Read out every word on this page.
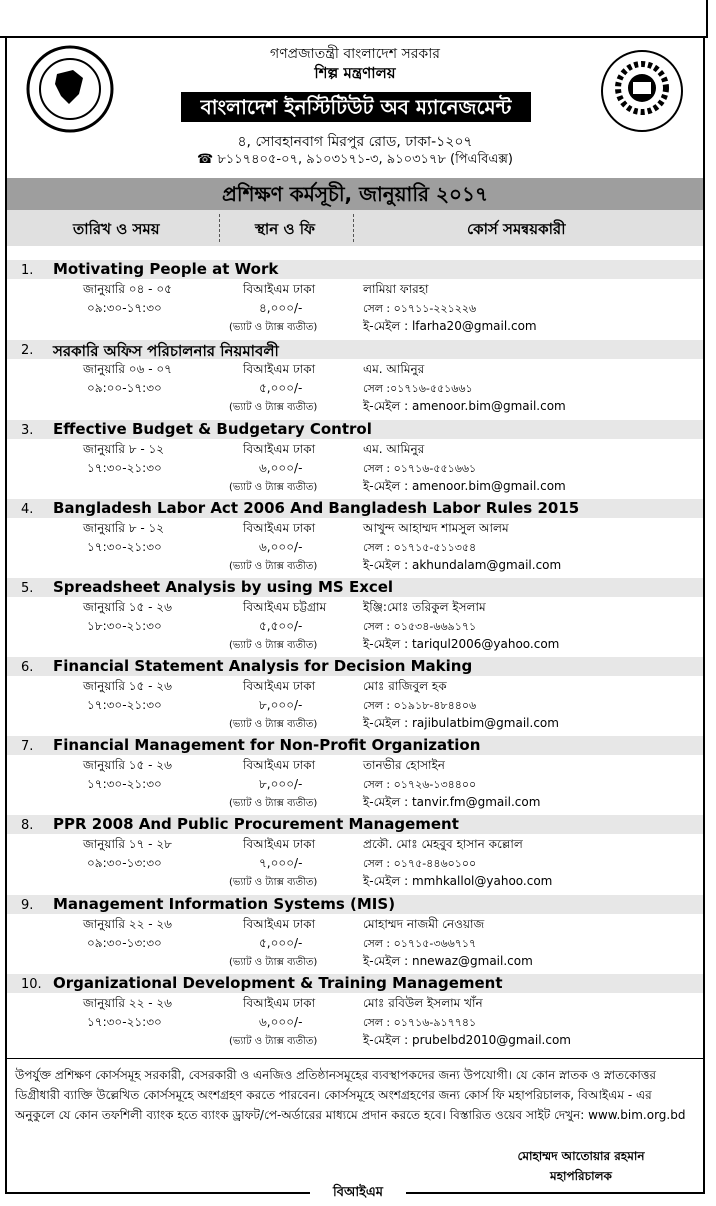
গণপ্রজাতন্ত্রী বাংলাদেশ সরকার
শিল্প মন্ত্রণালয়
বাংলাদেশ ইনস্টিটিউট অব ম্যানেজমেন্ট
৪, সোবহানবাগ মিরপুর রোড, ঢাকা-১২০৭
☎ ৮১১৭৪০৫-০৭, ৯১০৩১৭১-৩, ৯১০৩১৭৮ (পিএবিএক্স)
প্রশিক্ষণ কর্মসূচী, জানুয়ারি ২০১৭
তারিখ ও সময়	স্থান ও ফি	কোর্স সমন্বয়কারী
1. Motivating People at Work
জানুয়ারি ০৪ - ০৫
০৯:৩০-১৭:৩০
বিআইএম ঢাকা
৪,০০০/-
(ভ্যাট ও ট্যাক্স ব্যতীত)
লামিয়া ফারহা
সেল : ০১৭১১-২২১২২৬
ই-মেইল : lfarha20@gmail.com
2. সরকারি অফিস পরিচালনার নিয়মাবলী
জানুয়ারি ০৬ - ০৭
০৯:০০-১৭:৩০
বিআইএম ঢাকা
৫,০০০/-
(ভ্যাট ও ট্যাক্স ব্যতীত)
এম. আমিনুর
সেল :০১৭১৬-৫৫১৬৬১
ই-মেইল : amenoor.bim@gmail.com
3. Effective Budget & Budgetary Control
জানুয়ারি ৮ - ১২
১৭:৩০-২১:৩০
বিআইএম ঢাকা
৬,০০০/-
(ভ্যাট ও ট্যাক্স ব্যতীত)
এম. আমিনুর
সেল : ০১৭১৬-৫৫১৬৬১
ই-মেইল : amenoor.bim@gmail.com
4. Bangladesh Labor Act 2006 And Bangladesh Labor Rules 2015
জানুয়ারি ৮ - ১২
১৭:৩০-২১:৩০
বিআইএম ঢাকা
৬,০০০/-
(ভ্যাট ও ট্যাক্স ব্যতীত)
আখুন্দ আহাম্মদ শামসুল আলম
সেল : ০১৭১৫-৫১১৩৫৪
ই-মেইল : akhundalam@gmail.com
5. Spreadsheet Analysis by using MS Excel
জানুয়ারি ১৫ - ২৬
১৮:৩০-২১:৩০
বিআইএম চট্টগ্রাম
৫,৫০০/-
(ভ্যাট ও ট্যাক্স ব্যতীত)
ইঞ্জি:মোঃ তরিকুল ইসলাম
সেল : ০১৫৩৪-৬৬৯১৭১
ই-মেইল : tariqul2006@yahoo.com
6. Financial Statement Analysis for Decision Making
জানুয়ারি ১৫ - ২৬
১৭:৩০-২১:৩০
বিআইএম ঢাকা
৮,০০০/-
(ভ্যাট ও ট্যাক্স ব্যতীত)
মোঃ রাজিবুল হক
সেল : ০১৯১৮-৪৮৪৪০৬
ই-মেইল : rajibulatbim@gmail.com
7. Financial Management for Non-Profit Organization
জানুয়ারি ১৫ - ২৬
১৭:৩০-২১:৩০
বিআইএম ঢাকা
৮,০০০/-
(ভ্যাট ও ট্যাক্স ব্যতীত)
তানভীর হোসাইন
সেল : ০১৭২৬-১৩৪৪০০
ই-মেইল : tanvir.fm@gmail.com
8. PPR 2008 And Public Procurement Management
জানুয়ারি ১৭ - ২৮
০৯:৩০-১৩:৩০
বিআইএম ঢাকা
৭,০০০/-
(ভ্যাট ও ট্যাক্স ব্যতীত)
প্রকৌ. মোঃ মেহবুব হাসান কল্লোল
সেল : ০১৭৫-৪৪৬০১০০
ই-মেইল : mmhkallol@yahoo.com
9. Management Information Systems (MIS)
জানুয়ারি ২২ - ২৬
০৯:৩০-১৩:৩০
বিআইএম ঢাকা
৫,০০০/-
(ভ্যাট ও ট্যাক্স ব্যতীত)
মোহাম্মদ নাজমী নেওয়াজ
সেল : ০১৭১৫-৩৬৬৭১৭
ই-মেইল : nnewaz@gmail.com
10. Organizational Development & Training Management
জানুয়ারি ২২ - ২৬
১৭:৩০-২১:৩০
বিআইএম ঢাকা
৬,০০০/-
(ভ্যাট ও ট্যাক্স ব্যতীত)
মোঃ রবিউল ইসলাম খাঁন
সেল : ০১৭১৬-৯১৭৭৪১
ই-মেইল : prubelbd2010@gmail.com

উপর্যুক্ত প্রশিক্ষণ কোর্সসমূহ সরকারী, বেসরকারী ও এনজিও প্রতিষ্ঠানসমূহের ব্যবস্থাপকদের জন্য উপযোগী। যে কোন স্নাতক ও স্নাতকোত্তর ডিগ্রীধারী ব্যাক্তি উল্লেখিত কোর্সসমূহে অংশগ্রহণ করতে পারবেন। কোর্সসমূহে অংশগ্রহণের জন্য কোর্স ফি মহাপরিচালক, বিআইএম - এর অনুকুলে যে কোন তফশিলী ব্যাংক হতে ব্যাংক ড্রাফট/পে-অর্ডারের মাধ্যমে প্রদান করতে হবে। বিস্তারিত ওয়েব সাইট দেখুন: www.bim.org.bd

মোহাম্মদ আতোয়ার রহমান
মহাপরিচালক
বিআইএম
